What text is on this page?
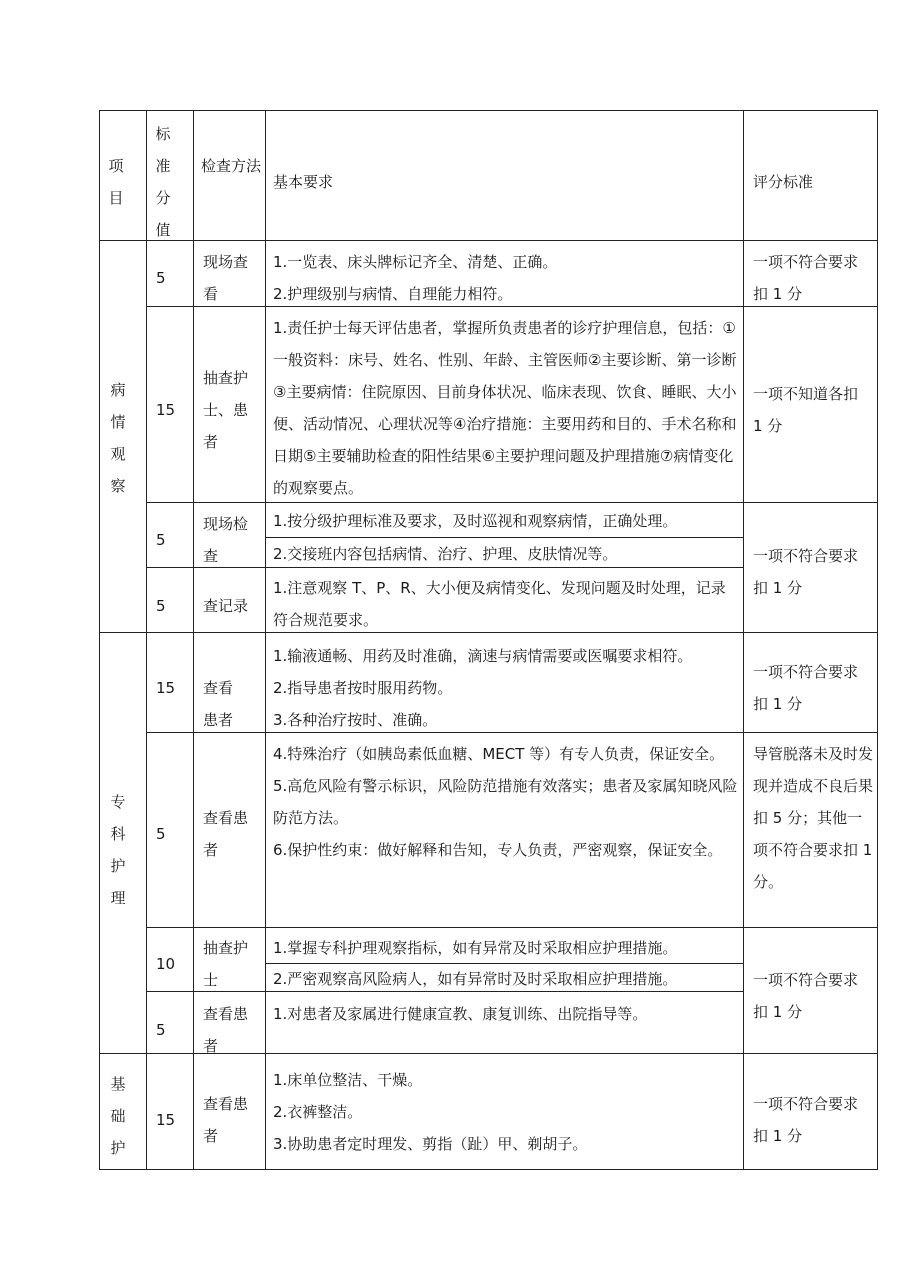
项目
标准分值
检查方法
基本要求	评分标准
病情观察
专科护理
基础护
5
现场查看

1.一览表、床头牌标记齐全、清楚、正确。

2.护理级别与病情、自理能力相符。

一项不符合要求扣 1 分
15
抽查护士、患者

1.责任护士每天评估患者，掌握所负责患者的诊疗护理信息，包括：①一般资料：床号、姓名、性别、年龄、主管医师②主要诊断、第一诊断③主要病情：住院原因、目前身体状况、临床表现、饮食、睡眠、大小便、活动情况、心理状况等④治疗措施：主要用药和目的、手术名称和日期⑤主要辅助检查的阳性结果⑥主要护理问题及护理措施⑦病情变化的观察要点。

一项不知道各扣 1 分
5
现场检查

1.按分级护理标准及要求，及时巡视和观察病情，正确处理。

2.交接班内容包括病情、治疗、护理、皮肤情况等。

5 查记录

1.注意观察 T、P、R、大小便及病情变化、发现问题及时处理，记录符合规范要求。

一项不符合要求扣 1 分
15 查看患者

1.输液通畅、用药及时准确，滴速与病情需要或医嘱要求相符。

2.指导患者按时服用药物。

3.各种治疗按时、准确。

一项不符合要求扣 1 分
5
查看患者

4.特殊治疗（如胰岛素低血糖、MECT 等）有专人负责，保证安全。

5.高危风险有警示标识，风险防范措施有效落实；患者及家属知晓风险防范方法。

6.保护性约束：做好解释和告知，专人负责，严密观察，保证安全。

导管脱落未及时发现并造成不良后果扣 5 分；其他一项不符合要求扣 1 分。
10
抽查护士

1.掌握专科护理观察指标，如有异常及时采取相应护理措施。

2.严密观察高风险病人，如有异常时及时采取相应护理措施。

5
查看患者

1.对患者及家属进行健康宣教、康复训练、出院指导等。

一项不符合要求扣 1 分
15
查看患者

1.床单位整洁、干燥。

2.衣裤整洁。

3.协助患者定时理发、剪指（趾）甲、剃胡子。

一项不符合要求扣 1 分
